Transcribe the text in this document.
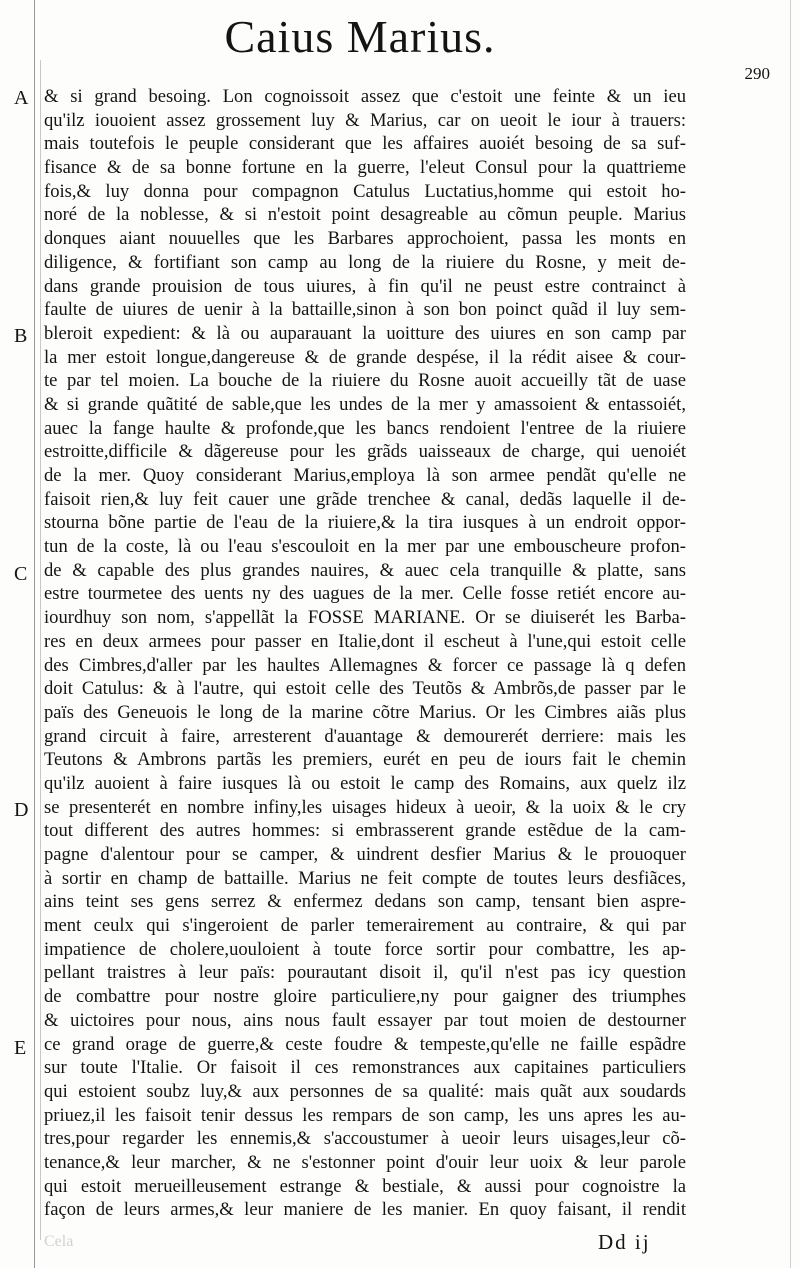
Caius Marius.
290
A
B
C
D
E
& si grand besoing. Lon cognoissoit assez que c'estoit une feinte & un ieu
qu'ilz iouoient assez grossement luy & Marius, car on ueoit le iour à trauers:
mais toutefois le peuple considerant que les affaires auoiét besoing de sa suf-
fisance & de sa bonne fortune en la guerre, l'eleut Consul pour la quattrieme
fois,& luy donna pour compagnon Catulus Luctatius,homme qui estoit ho-
noré de la noblesse, & si n'estoit point desagreable au cõmun peuple. Marius
donques aiant nouuelles que les Barbares approchoient, passa les monts en
diligence, & fortifiant son camp au long de la riuiere du Rosne, y meit de-
dans grande prouision de tous uiures, à fin qu'il ne peust estre contrainct à
faulte de uiures de uenir à la battaille,sinon à son bon poinct quãd il luy sem-
bleroit expedient: & là ou auparauant la uoitture des uiures en son camp par
la mer estoit longue,dangereuse & de grande despése, il la rédit aisee & cour-
te par tel moien. La bouche de la riuiere du Rosne auoit accueilly tãt de uase
& si grande quãtité de sable,que les undes de la mer y amassoient & entassoiét,
auec la fange haulte & profonde,que les bancs rendoient l'entree de la riuiere
estroitte,difficile & dãgereuse pour les grãds uaisseaux de charge, qui uenoiét
de la mer. Quoy considerant Marius,employa là son armee pendãt qu'elle ne
faisoit rien,& luy feit cauer une grãde trenchee & canal, dedãs laquelle il de-
stourna bõne partie de l'eau de la riuiere,& la tira iusques à un endroit oppor-
tun de la coste, là ou l'eau s'escouloit en la mer par une embouscheure profon-
de & capable des plus grandes nauires, & auec cela tranquille & platte, sans
estre tourmetee des uents ny des uagues de la mer. Celle fosse retiét encore au-
iourdhuy son nom, s'appellãt la FOSSE MARIANE. Or se diuiserét les Barba-
res en deux armees pour passer en Italie,dont il escheut à l'une,qui estoit celle
des Cimbres,d'aller par les haultes Allemagnes & forcer ce passage là q defen
doit Catulus: & à l'autre, qui estoit celle des Teutõs & Ambrõs,de passer par le
païs des Geneuois le long de la marine cõtre Marius. Or les Cimbres aiãs plus
grand circuit à faire, arresterent d'auantage & demourerét derriere: mais les
Teutons & Ambrons partãs les premiers, eurét en peu de iours fait le chemin
qu'ilz auoient à faire iusques là ou estoit le camp des Romains, aux quelz ilz
se presenterét en nombre infiny,les uisages hideux à ueoir, & la uoix & le cry
tout different des autres hommes: si embrasserent grande estẽdue de la cam-
pagne d'alentour pour se camper, & uindrent desfier Marius & le prouoquer
à sortir en champ de battaille. Marius ne feit compte de toutes leurs desfiãces,
ains teint ses gens serrez & enfermez dedans son camp, tensant bien aspre-
ment ceulx qui s'ingeroient de parler temerairement au contraire, & qui par
impatience de cholere,uouloient à toute force sortir pour combattre, les ap-
pellant traistres à leur païs: pourautant disoit il, qu'il n'est pas icy question
de combattre pour nostre gloire particuliere,ny pour gaigner des triumphes
& uictoires pour nous, ains nous fault essayer par tout moien de destourner
ce grand orage de guerre,& ceste foudre & tempeste,qu'elle ne faille espãdre
sur toute l'Italie. Or faisoit il ces remonstrances aux capitaines particuliers
qui estoient soubz luy,& aux personnes de sa qualité: mais quãt aux soudards
priuez,il les faisoit tenir dessus les rempars de son camp, les uns apres les au-
tres,pour regarder les ennemis,& s'accoustumer à ueoir leurs uisages,leur cõ-
tenance,& leur marcher, & ne s'estonner point d'ouir leur uoix & leur parole
qui estoit merueilleusement estrange & bestiale, & aussi pour cognoistre la
façon de leurs armes,& leur maniere de les manier. En quoy faisant, il rendit
Cela	Dd ij
